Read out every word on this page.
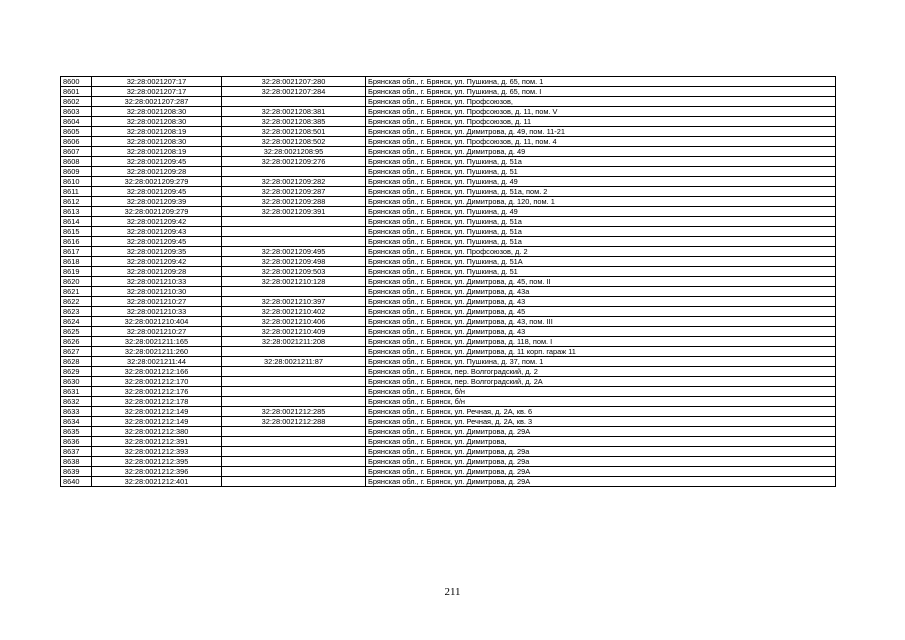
8600	32:28:0021207:17	32:28:0021207:280	Брянская обл., г. Брянск, ул. Пушкина, д. 65, пом. 1
8601	32:28:0021207:17	32:28:0021207:284	Брянская обл., г. Брянск, ул. Пушкина, д. 65, пом. I
8602	32:28:0021207:287		Брянская обл., г. Брянск, ул. Профсоюзов,
8603	32:28:0021208:30	32:28:0021208:381	Брянская обл., г. Брянск, ул. Профсоюзов, д. 11, пом. V
8604	32:28:0021208:30	32:28:0021208:385	Брянская обл., г. Брянск, ул. Профсоюзов, д. 11
8605	32:28:0021208:19	32:28:0021208:501	Брянская обл., г. Брянск, ул. Димитрова, д. 49, пом. 11-21
8606	32:28:0021208:30	32:28:0021208:502	Брянская обл., г. Брянск, ул. Профсоюзов, д. 11, пом. 4
8607	32:28:0021208:19	32:28:0021208:95	Брянская обл., г. Брянск, ул. Димитрова, д. 49
8608	32:28:0021209:45	32:28:0021209:276	Брянская обл., г. Брянск, ул. Пушкина, д. 51а
8609	32:28:0021209:28		Брянская обл., г. Брянск, ул. Пушкина, д. 51
8610	32:28:0021209:279	32:28:0021209:282	Брянская обл., г. Брянск, ул. Пушкина, д. 49
8611	32:28:0021209:45	32:28:0021209:287	Брянская обл., г. Брянск, ул. Пушкина, д. 51а, пом. 2
8612	32:28:0021209:39	32:28:0021209:288	Брянская обл., г. Брянск, ул. Димитрова, д. 120, пом. 1
8613	32:28:0021209:279	32:28:0021209:391	Брянская обл., г. Брянск, ул. Пушкина, д. 49
8614	32:28:0021209:42		Брянская обл., г. Брянск, ул. Пушкина, д. 51а
8615	32:28:0021209:43		Брянская обл., г. Брянск, ул. Пушкина, д. 51а
8616	32:28:0021209:45		Брянская обл., г. Брянск, ул. Пушкина, д. 51а
8617	32:28:0021209:35	32:28:0021209:495	Брянская обл., г. Брянск, ул. Профсоюзов, д. 2
8618	32:28:0021209:42	32:28:0021209:498	Брянская обл., г. Брянск, ул. Пушкина, д. 51А
8619	32:28:0021209:28	32:28:0021209:503	Брянская обл., г. Брянск, ул. Пушкина, д. 51
8620	32:28:0021210:33	32:28:0021210:128	Брянская обл., г. Брянск, ул. Димитрова, д. 45, пом. II
8621	32:28:0021210:30		Брянская обл., г. Брянск, ул. Димитрова, д. 43а
8622	32:28:0021210:27	32:28:0021210:397	Брянская обл., г. Брянск, ул. Димитрова, д. 43
8623	32:28:0021210:33	32:28:0021210:402	Брянская обл., г. Брянск, ул. Димитрова, д. 45
8624	32:28:0021210:404	32:28:0021210:406	Брянская обл., г. Брянск, ул. Димитрова, д. 43, пом. III
8625	32:28:0021210:27	32:28:0021210:409	Брянская обл., г. Брянск, ул. Димитрова, д. 43
8626	32:28:0021211:165	32:28:0021211:208	Брянская обл., г. Брянск, ул. Димитрова, д. 118, пом. I
8627	32:28:0021211:260		Брянская обл., г. Брянск, ул. Димитрова, д. 11 корп. гараж 11
8628	32:28:0021211:44	32:28:0021211:87	Брянская обл., г. Брянск, ул. Пушкина, д. 37, пом. 1
8629	32:28:0021212:166		Брянская обл., г. Брянск, пер. Волгоградский, д. 2
8630	32:28:0021212:170		Брянская обл., г. Брянск, пер. Волгоградский, д. 2А
8631	32:28:0021212:176		Брянская обл., г. Брянск, б/н
8632	32:28:0021212:178		Брянская обл., г. Брянск, б/н
8633	32:28:0021212:149	32:28:0021212:285	Брянская обл., г. Брянск, ул. Речная, д. 2А, кв. 6
8634	32:28:0021212:149	32:28:0021212:288	Брянская обл., г. Брянск, ул. Речная, д. 2А, кв. 3
8635	32:28:0021212:380		Брянская обл., г. Брянск, ул. Димитрова, д. 29А
8636	32:28:0021212:391		Брянская обл., г. Брянск, ул. Димитрова,
8637	32:28:0021212:393		Брянская обл., г. Брянск, ул. Димитрова, д. 29а
8638	32:28:0021212:395		Брянская обл., г. Брянск, ул. Димитрова, д. 29а
8639	32:28:0021212:396		Брянская обл., г. Брянск, ул. Димитрова, д. 29А
8640	32:28:0021212:401		Брянская обл., г. Брянск, ул. Димитрова, д. 29А
211
